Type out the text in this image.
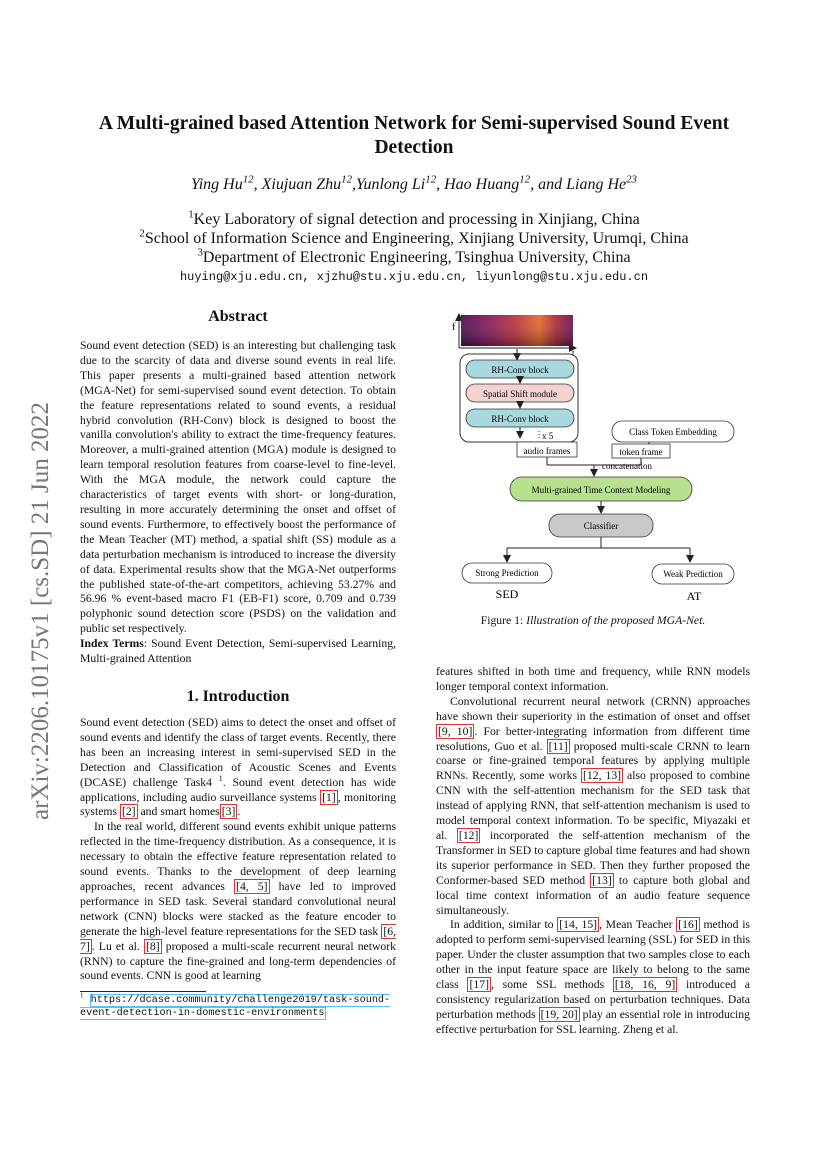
arXiv:2206.10175v1 [cs.SD] 21 Jun 2022
A Multi-grained based Attention Network for Semi-supervised Sound Event Detection
Ying Hu$^{12}$, Xiujuan Zhu$^{12}$,Yunlong Li$^{12}$, Hao Huang$^{12}$, and Liang He$^{23}$
$^1$Key Laboratory of signal detection and processing in Xinjiang, China
$^2$School of Information Science and Engineering, Xinjiang University, Urumqi, China
$^3$Department of Electronic Engineering, Tsinghua University, China
huying@xju.edu.cn, xjzhu@stu.xju.edu.cn, liyunlong@stu.xju.edu.cn
Abstract

Sound event detection (SED) is an interesting but challenging task due to the scarcity of data and diverse sound events in real life. This paper presents a multi-grained based attention network (MGA-Net) for semi-supervised sound event detection. To obtain the feature representations related to sound events, a residual hybrid convolution (RH-Conv) block is designed to boost the vanilla convolution's ability to extract the time-frequency features. Moreover, a multi-grained attention (MGA) module is designed to learn temporal resolution features from coarse-level to fine-level. With the MGA module, the network could capture the characteristics of target events with short- or long-duration, resulting in more accurately determining the onset and offset of sound events. Furthermore, to effectively boost the performance of the Mean Teacher (MT) method, a spatial shift (SS) module as a data perturbation mechanism is introduced to increase the diversity of data. Experimental results show that the MGA-Net outperforms the published state-of-the-art competitors, achieving 53.27% and 56.96 % event-based macro F1 (EB-F1) score, 0.709 and 0.739 polyphonic sound detection score (PSDS) on the validation and public set respectively.

Index Terms: Sound Event Detection, Semi-supervised Learning, Multi-grained Attention

1. Introduction

Sound event detection (SED) aims to detect the onset and offset of sound events and identify the class of target events. Recently, there has been an increasing interest in semi-supervised SED in the Detection and Classification of Acoustic Scenes and Events (DCASE) challenge Task4 $^1$. Sound event detection has wide applications, including audio surveillance systems [1] , monitoring systems [2] and smart homes [3] .

In the real world, different sound events exhibit unique patterns reflected in the time-frequency distribution. As a consequence, it is necessary to obtain the effective feature representation related to sound events. Thanks to the development of deep learning approaches, recent advances [4, 5] have led to improved performance in SED task. Several standard convolutional neural network (CNN) blocks were stacked as the feature encoder to generate the high-level feature representations for the SED task [6, 7] . Lu et al. [8] proposed a multi-scale recurrent neural network (RNN) to capture the fine-grained and long-term dependencies of sound events. CNN is good at learning

$^1$ https://dcase.community/challenge2019/task-sound-event-detection-in-domestic-environments
f
t
RH-Conv block
Spatial Shift module
RH-Conv block
x 5
audio frames
Class Token Embedding
token frame
concatenation
Multi-grained Time Context Modeling
Classifier
Strong Prediction	Weak Prediction
SED	AT
Figure 1: Illustration of the proposed MGA-Net.

features shifted in both time and frequency, while RNN models longer temporal context information.

Convolutional recurrent neural network (CRNN) approaches have shown their superiority in the estimation of onset and offset [9, 10] . For better-integrating information from different time resolutions, Guo et al. [11] proposed multi-scale CRNN to learn coarse or fine-grained temporal features by applying multiple RNNs. Recently, some works [12, 13] also proposed to combine CNN with the self-attention mechanism for the SED task that instead of applying RNN, that self-attention mechanism is used to model temporal context information. To be specific, Miyazaki et al. [12] incorporated the self-attention mechanism of the Transformer in SED to capture global time features and had shown its superior performance in SED. Then they further proposed the Conformer-based SED method [13] to capture both global and local time context information of an audio feature sequence simultaneously.

In addition, similar to [14, 15] , Mean Teacher [16] method is adopted to perform semi-supervised learning (SSL) for SED in this paper. Under the cluster assumption that two samples close to each other in the input feature space are likely to belong to the same class [17] , some SSL methods [18, 16, 9] introduced a consistency regularization based on perturbation techniques. Data perturbation methods [19, 20] play an essential role in introducing effective perturbation for SSL learning. Zheng et al.
